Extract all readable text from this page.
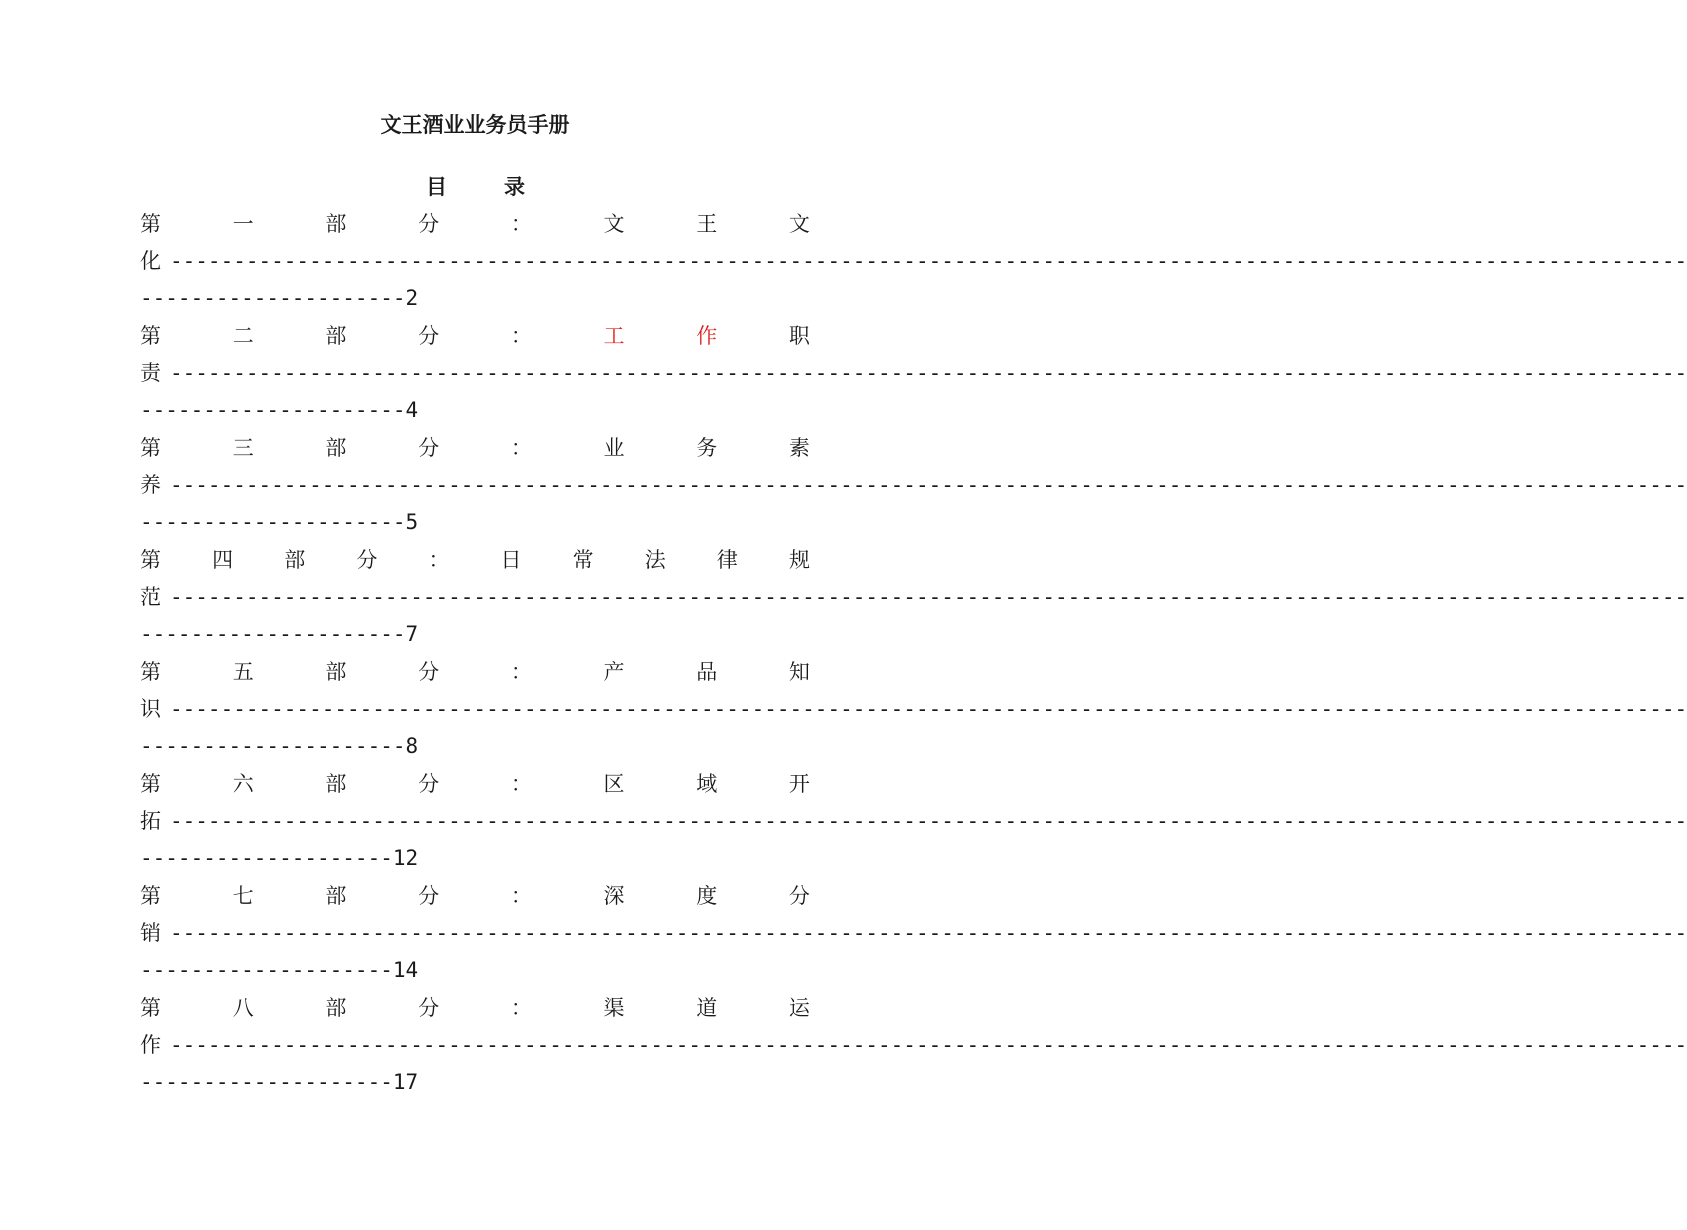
文王酒业业务员手册
目	录
第	一	部	分	：	文	王	文
化 ------------------------------------------------------------------------------------------------------------------------
---------------------2
第	二	部	分	：	工	作	职
责 ------------------------------------------------------------------------------------------------------------------------
---------------------4
第	三	部	分	：	业	务	素
养 ------------------------------------------------------------------------------------------------------------------------
---------------------5
第 四 部 分 ： 日 常 法 律 规
范 ------------------------------------------------------------------------------------------------------------------------
---------------------7
第	五	部	分	：	产	品	知
识 ------------------------------------------------------------------------------------------------------------------------
---------------------8
第	六	部	分	：	区	域	开
拓 ------------------------------------------------------------------------------------------------------------------------
--------------------12
第	七	部	分	：	深	度	分
销 ------------------------------------------------------------------------------------------------------------------------
--------------------14
第	八	部	分	：	渠	道	运
作 ------------------------------------------------------------------------------------------------------------------------
--------------------17
